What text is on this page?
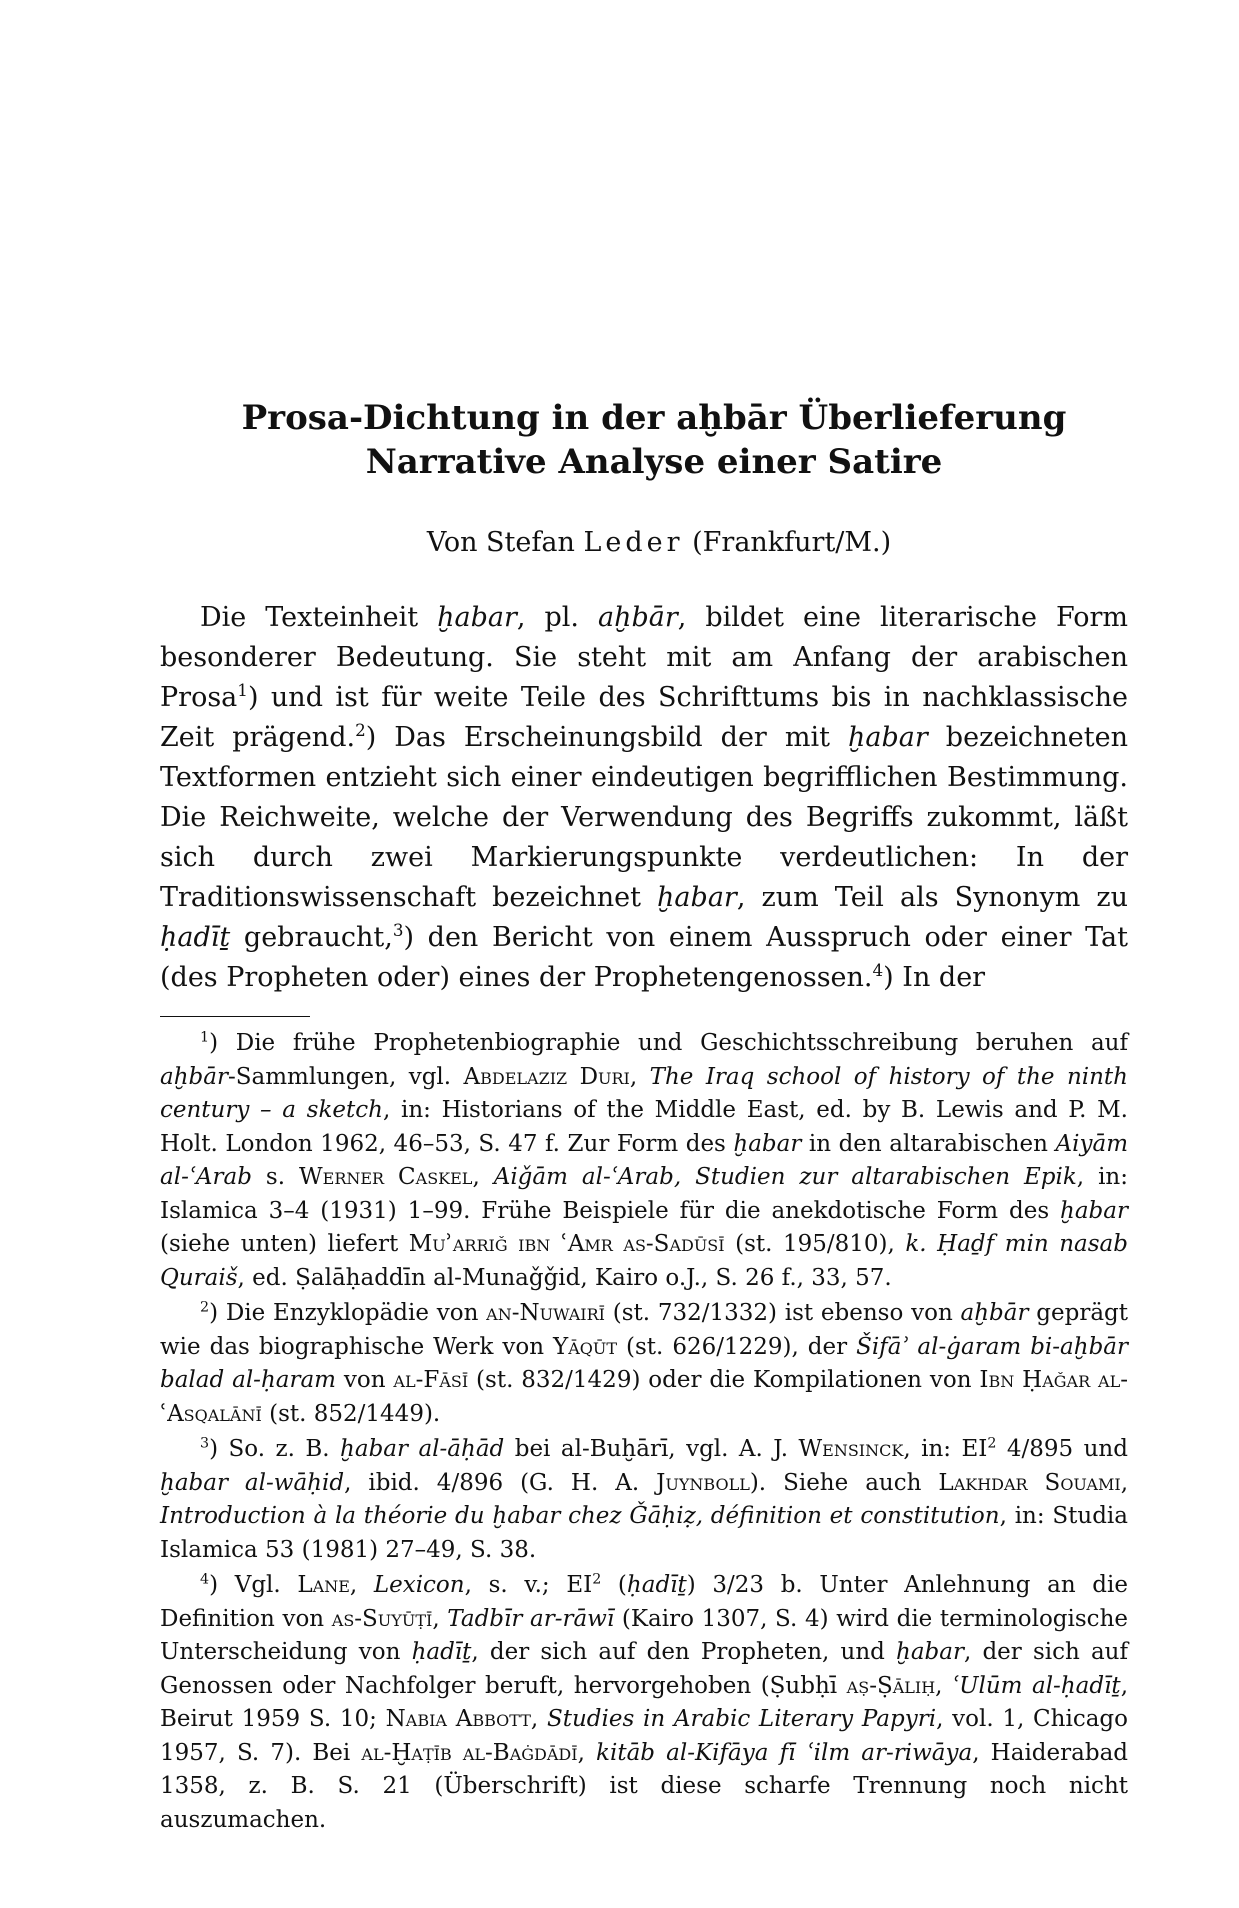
Prosa-Dichtung in der aḫbār Überlieferung
Narrative Analyse einer Satire
Von Stefan Leder (Frankfurt/M.)

Die Texteinheit ḫabar, pl. aḫbār, bildet eine literarische Form besonderer Bedeutung. Sie steht mit am Anfang der arabischen Prosa$^1$) und ist für weite Teile des Schrifttums bis in nachklassische Zeit prägend.$^2$) Das Erscheinungsbild der mit ḫabar bezeichneten Textformen entzieht sich einer eindeutigen begrifflichen Bestimmung. Die Reichweite, welche der Verwendung des Begriffs zukommt, läßt sich durch zwei Markierungspunkte verdeutlichen: In der Traditionswissenschaft bezeichnet ḫabar, zum Teil als Synonym zu ḥadīṯ gebraucht,$^3$) den Bericht von einem Ausspruch oder einer Tat (des Propheten oder) eines der Prophetengenossen.$^4$) In der

$^1$) Die frühe Prophetenbiographie und Geschichtsschreibung beruhen auf aḫbār-Sammlungen, vgl. Abdelaziz Duri, The Iraq school of history of the ninth century – a sketch, in: Historians of the Middle East, ed. by B. Lewis and P. M. Holt. London 1962, 46–53, S. 47 f. Zur Form des ḫabar in den altarabischen Aiyām al-ʿArab s. Werner Caskel, Aiǧām al-ʿArab, Studien zur altarabischen Epik, in: Islamica 3–4 (1931) 1–99. Frühe Beispiele für die anekdotische Form des ḫabar (siehe unten) liefert Muʾarriǧ ibn ʿAmr as-Sadūsī (st. 195/810), k. Ḥaḏf min nasab Quraiš, ed. Ṣalāḥaddīn al-Munaǧǧid, Kairo o.J., S. 26 f., 33, 57.

$^2$) Die Enzyklopädie von an-Nuwairī (st. 732/1332) ist ebenso von aḫbār geprägt wie das biographische Werk von Yāqūt (st. 626/1229), der Šifāʾ al-ġaram bi-aḫbār balad al-ḥaram von al-Fāsī (st. 832/1429) oder die Kompilationen von Ibn Ḥaǧar al-ʿAsqalānī (st. 852/1449).

$^3$) So. z. B. ḫabar al-āḥād bei al-Buḫārī, vgl. A. J. Wensinck, in: $EI^2$ 4/895 und ḫabar al-wāḥid, ibid. 4/896 (G. H. A. Juynboll). Siehe auch Lakhdar Souami, Introduction à la théorie du ḫabar chez Ǧāḥiẓ, définition et constitution, in: Studia Islamica 53 (1981) 27–49, S. 38.

$^4$) Vgl. Lane, Lexicon, s. v.; $EI^2$ (ḥadīṯ) 3/23 b. Unter Anlehnung an die Definition von as-Suyūṭī, Tadbīr ar-rāwī (Kairo 1307, S. 4) wird die terminologische Unterscheidung von ḥadīṯ, der sich auf den Propheten, und ḫabar, der sich auf Genossen oder Nachfolger beruft, hervorgehoben (Ṣubḥī aṣ-Ṣāliḥ, ʿUlūm al-ḥadīṯ, Beirut 1959 S. 10; Nabia Abbott, Studies in Arabic Literary Papyri, vol. 1, Chicago 1957, S. 7). Bei al-Ḫaṭīb al-Baġdādī, kitāb al-Kifāya fī ʿilm ar-riwāya, Haiderabad 1358, z. B. S. 21 (Überschrift) ist diese scharfe Trennung noch nicht auszumachen.
